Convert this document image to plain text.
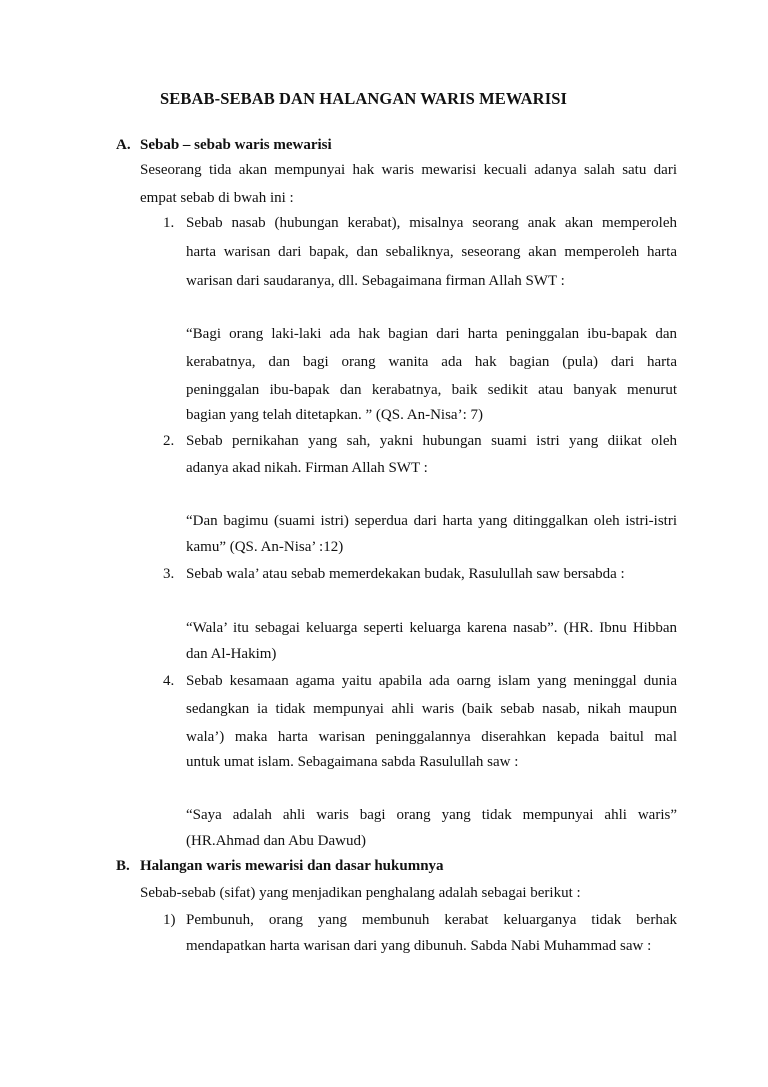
SEBAB-SEBAB DAN HALANGAN WARIS MEWARISI
A. Sebab – sebab waris mewarisi
Seseorang tida akan mempunyai hak waris mewarisi kecuali adanya salah satu dari
empat sebab di bwah ini :
1. Sebab nasab (hubungan kerabat), misalnya seorang anak akan memperoleh
harta warisan dari bapak, dan sebaliknya, seseorang akan memperoleh harta
warisan dari saudaranya, dll. Sebagaimana firman Allah SWT :
“Bagi orang laki-laki ada hak bagian dari harta peninggalan ibu-bapak dan
kerabatnya, dan bagi orang wanita ada hak bagian (pula) dari harta
peninggalan ibu-bapak dan kerabatnya, baik sedikit atau banyak menurut
bagian yang telah ditetapkan. ” (QS. An-Nisa’: 7)
2. Sebab pernikahan yang sah, yakni hubungan suami istri yang diikat oleh
adanya akad nikah. Firman Allah SWT :
“Dan bagimu (suami istri) seperdua dari harta yang ditinggalkan oleh istri-istri
kamu” (QS. An-Nisa’ :12)
3. Sebab wala’ atau sebab memerdekakan budak, Rasulullah saw bersabda :
“Wala’ itu sebagai keluarga seperti keluarga karena nasab”. (HR. Ibnu Hibban
dan Al-Hakim)
4. Sebab kesamaan agama yaitu apabila ada oarng islam yang meninggal dunia
sedangkan ia tidak mempunyai ahli waris (baik sebab nasab, nikah maupun
wala’) maka harta warisan peninggalannya diserahkan kepada baitul mal
untuk umat islam. Sebagaimana sabda Rasulullah saw :
“Saya adalah ahli waris bagi orang yang tidak mempunyai ahli waris”
(HR.Ahmad dan Abu Dawud)
B. Halangan waris mewarisi dan dasar hukumnya
Sebab-sebab (sifat) yang menjadikan penghalang adalah sebagai berikut :
1) Pembunuh, orang yang membunuh kerabat keluarganya tidak berhak
mendapatkan harta warisan dari yang dibunuh. Sabda Nabi Muhammad saw :
